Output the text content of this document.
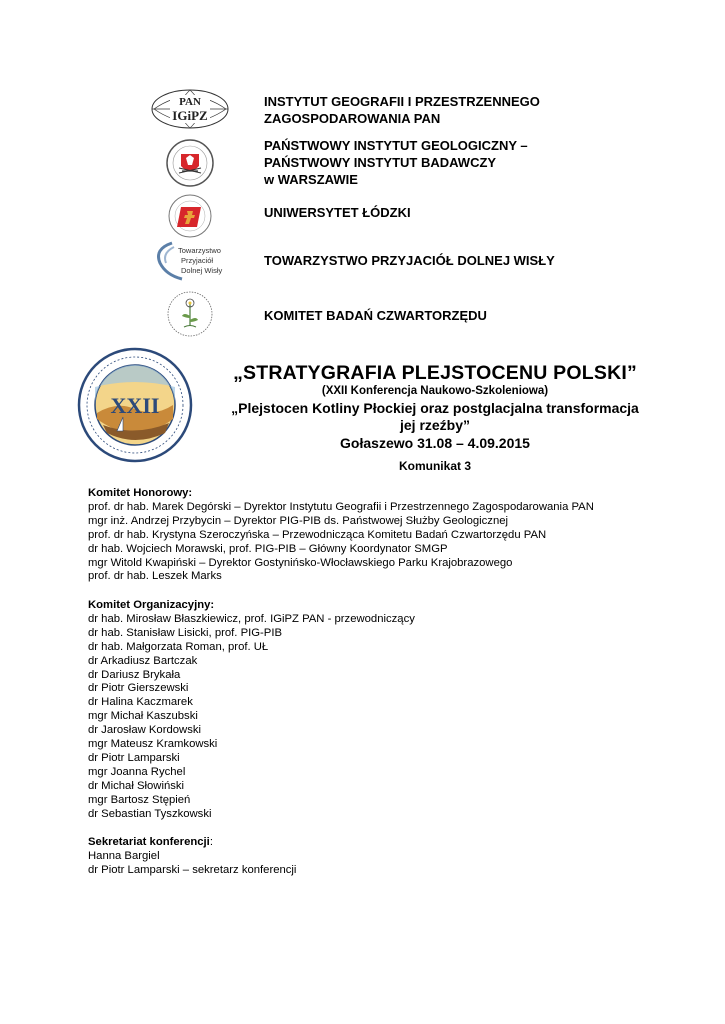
PAN
IGiPZ
INSTYTUT GEOGRAFII I PRZESTRZENNEGO
ZAGOSPODAROWANIA PAN
PAŃSTWOWY INSTYTUT GEOLOGICZNY –
PAŃSTWOWY INSTYTUT BADAWCZY
w WARSZAWIE
UNIWERSYTET ŁÓDZKI
Towarzystwo
Przyjaciół
Dolnej Wisły
TOWARZYSTWO PRZYJACIÓŁ DOLNEJ WISŁY
KOMITET BADAŃ CZWARTORZĘDU
XXII
„STRATYGRAFIA PLEJSTOCENU POLSKI”
(XXII Konferencja Naukowo-Szkoleniowa)
„Plejstocen Kotliny Płockiej oraz postglacjalna transformacja
jej rzeźby”
Gołaszewo 31.08 – 4.09.2015
Komunikat 3
Komitet Honorowy:
prof. dr hab. Marek Degórski – Dyrektor Instytutu Geografii i Przestrzennego Zagospodarowania PAN
mgr inż. Andrzej Przybycin – Dyrektor PIG-PIB ds. Państwowej Służby Geologicznej
prof. dr hab. Krystyna Szeroczyńska – Przewodnicząca Komitetu Badań Czwartorzędu PAN
dr hab. Wojciech Morawski, prof. PIG-PIB – Główny Koordynator SMGP
mgr Witold Kwapiński – Dyrektor Gostynińsko-Włocławskiego Parku Krajobrazowego
prof. dr hab. Leszek Marks
Komitet Organizacyjny:
dr hab. Mirosław Błaszkiewicz, prof. IGiPZ PAN - przewodniczący
dr hab. Stanisław Lisicki, prof. PIG-PIB
dr hab. Małgorzata Roman, prof. UŁ
dr Arkadiusz Bartczak
dr Dariusz Brykała
dr Piotr Gierszewski
dr Halina Kaczmarek
mgr Michał Kaszubski
dr Jarosław Kordowski
mgr Mateusz Kramkowski
dr Piotr Lamparski
mgr Joanna Rychel
dr Michał Słowiński
mgr Bartosz Stępień
dr Sebastian Tyszkowski
Sekretariat konferencji:
Hanna Bargiel
dr Piotr Lamparski – sekretarz konferencji
